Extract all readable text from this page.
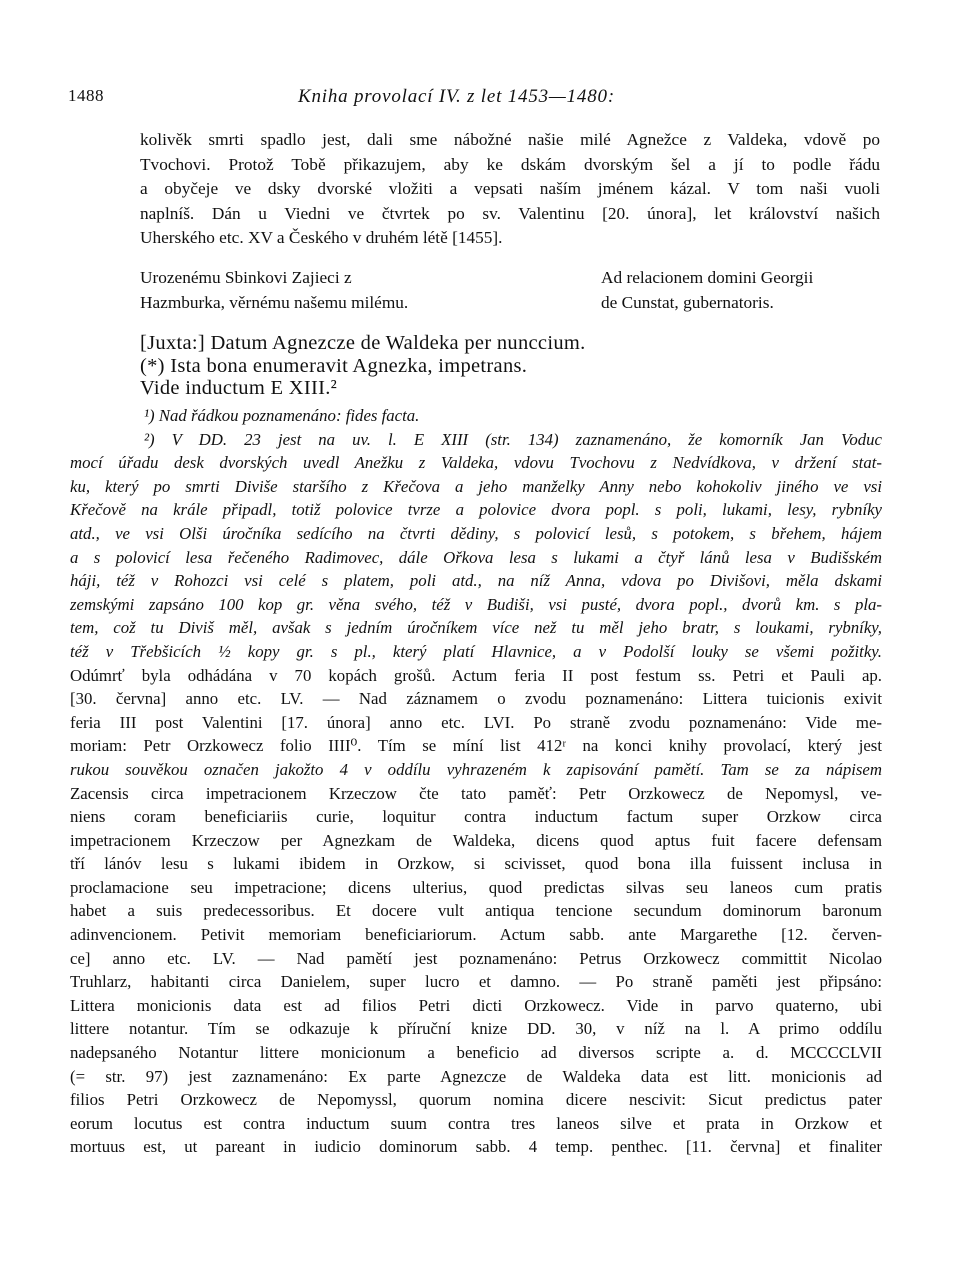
1488	Kniha provolací IV. z let 1453—1480:
kolivěk smrti spadlo jest, dali sme nábožné našie milé Agnežce z Valdeka, vdově po
Tvochovi. Protož Tobě přikazujem, aby ke dskám dvorským šel a jí to podle řádu
a obyčeje ve dsky dvorské vložiti a vepsati naším jménem kázal. V tom naši vuoli
naplníš. Dán u Viedni ve čtvrtek po sv. Valentinu [20. února], let království našich
Uherského etc. XV a Českého v druhém létě [1455].
Urozenému Sbinkovi Zajieci z
Hazmburka, věrnému našemu milému.
Ad relacionem domini Georgii
de Cunstat, gubernatoris.
[Juxta:] Datum Agnezcze de Waldeka per nunccium.
(*) Ista bona enumeravit Agnezka, impetrans.
Vide inductum E XIII.²
¹) Nad řádkou poznamenáno: fides facta.
²) V DD. 23 jest na uv. l. E XIII (str. 134) zaznamenáno, že komorník Jan Voduc
mocí úřadu desk dvorských uvedl Anežku z Valdeka, vdovu Tvochovu z Nedvídkova, v držení stat-
ku, který po smrti Diviše staršího z Křečova a jeho manželky Anny nebo kohokoliv jiného ve vsi
Křečově na krále připadl, totiž polovice tvrze a polovice dvora popl. s poli, lukami, lesy, rybníky
atd., ve vsi Olši úročníka sedícího na čtvrti dědiny, s polovicí lesů, s potokem, s břehem, hájem
a s polovicí lesa řečeného Radimovec, dále Ořkova lesa s lukami a čtyř lánů lesa v Budišském
háji, též v Rohozci vsi celé s platem, poli atd., na níž Anna, vdova po Divišovi, měla dskami
zemskými zapsáno 100 kop gr. věna svého, též v Budiši, vsi pusté, dvora popl., dvorů km. s pla-
tem, což tu Diviš měl, avšak s jedním úročníkem více než tu měl jeho bratr, s loukami, rybníky,
též v Třebšicích ½ kopy gr. s pl., který platí Hlavnice, a v Podolší louky se všemi požitky.
Odúmrť byla odhádána v 70 kopách grošů. Actum feria II post festum ss. Petri et Pauli ap.
[30. června] anno etc. LV. — Nad záznamem o zvodu poznamenáno: Littera tuicionis exivit
feria III post Valentini [17. února] anno etc. LVI. Po straně zvodu poznamenáno: Vide me-
moriam: Petr Orzkowecz folio IIII⁰. Tím se míní list 412ʳ na konci knihy provolací, který jest
rukou souvěkou označen jakožto 4 v oddílu vyhrazeném k zapisování pamětí. Tam se za nápisem
Zacensis circa impetracionem Krzeczow čte tato paměť: Petr Orzkowecz de Nepomysl, ve-
niens coram beneficiariis curie, loquitur contra inductum factum super Orzkow circa
impetracionem Krzeczow per Agnezkam de Waldeka, dicens quod aptus fuit facere defensam
tří lánóv lesu s lukami ibidem in Orzkow, si scivisset, quod bona illa fuissent inclusa in
proclamacione seu impetracione; dicens ulterius, quod predictas silvas seu laneos cum pratis
habet a suis predecessoribus. Et docere vult antiqua tencione secundum dominorum baronum
adinvencionem. Petivit memoriam beneficiariorum. Actum sabb. ante Margarethe [12. červen-
ce] anno etc. LV. — Nad pamětí jest poznamenáno: Petrus Orzkowecz committit Nicolao
Truhlarz, habitanti circa Danielem, super lucro et damno. — Po straně paměti jest připsáno:
Littera monicionis data est ad filios Petri dicti Orzkowecz. Vide in parvo quaterno, ubi
littere notantur. Tím se odkazuje k příruční knize DD. 30, v níž na l. A primo oddílu
nadepsaného Notantur littere monicionum a beneficio ad diversos scripte a. d. MCCCCLVII
(= str. 97) jest zaznamenáno: Ex parte Agnezcze de Waldeka data est litt. monicionis ad
filios Petri Orzkowecz de Nepomyssl, quorum nomina dicere nescivit: Sicut predictus pater
eorum locutus est contra inductum suum contra tres laneos silve et prata in Orzkow et
mortuus est, ut pareant in iudicio dominorum sabb. 4 temp. penthec. [11. června] et finaliter
